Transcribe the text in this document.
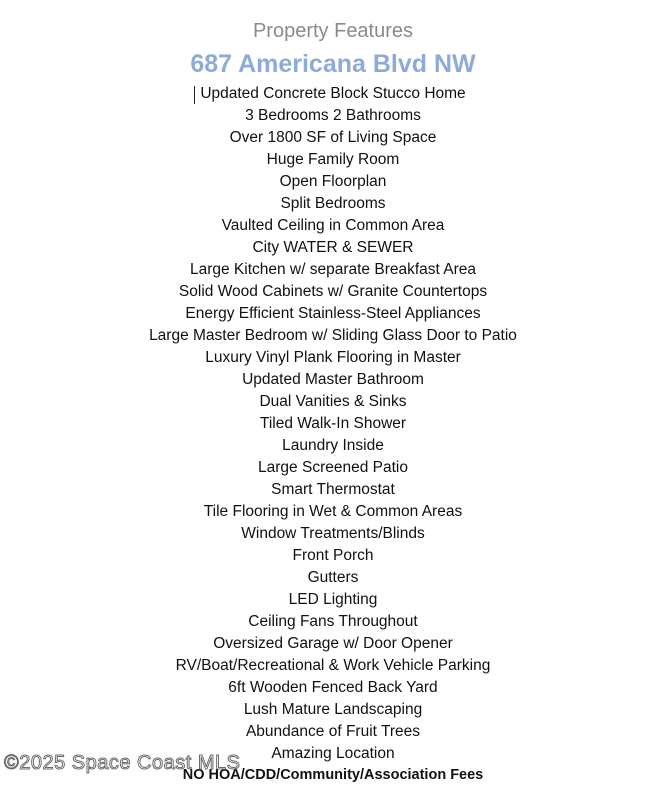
Property Features
687 Americana Blvd NW
Updated Concrete Block Stucco Home
3 Bedrooms 2 Bathrooms
Over 1800 SF of Living Space
Huge Family Room
Open Floorplan
Split Bedrooms
Vaulted Ceiling in Common Area
City WATER & SEWER
Large Kitchen w/ separate Breakfast Area
Solid Wood Cabinets w/ Granite Countertops
Energy Efficient Stainless-Steel Appliances
Large Master Bedroom w/ Sliding Glass Door to Patio
Luxury Vinyl Plank Flooring in Master
Updated Master Bathroom
Dual Vanities & Sinks
Tiled Walk-In Shower
Laundry Inside
Large Screened Patio
Smart Thermostat
Tile Flooring in Wet & Common Areas
Window Treatments/Blinds
Front Porch
Gutters
LED Lighting
Ceiling Fans Throughout
Oversized Garage w/ Door Opener
RV/Boat/Recreational & Work Vehicle Parking
6ft Wooden Fenced Back Yard
Lush Mature Landscaping
Abundance of Fruit Trees
Amazing Location
NO HOA/CDD/Community/Association Fees
©2025 Space Coast MLS
